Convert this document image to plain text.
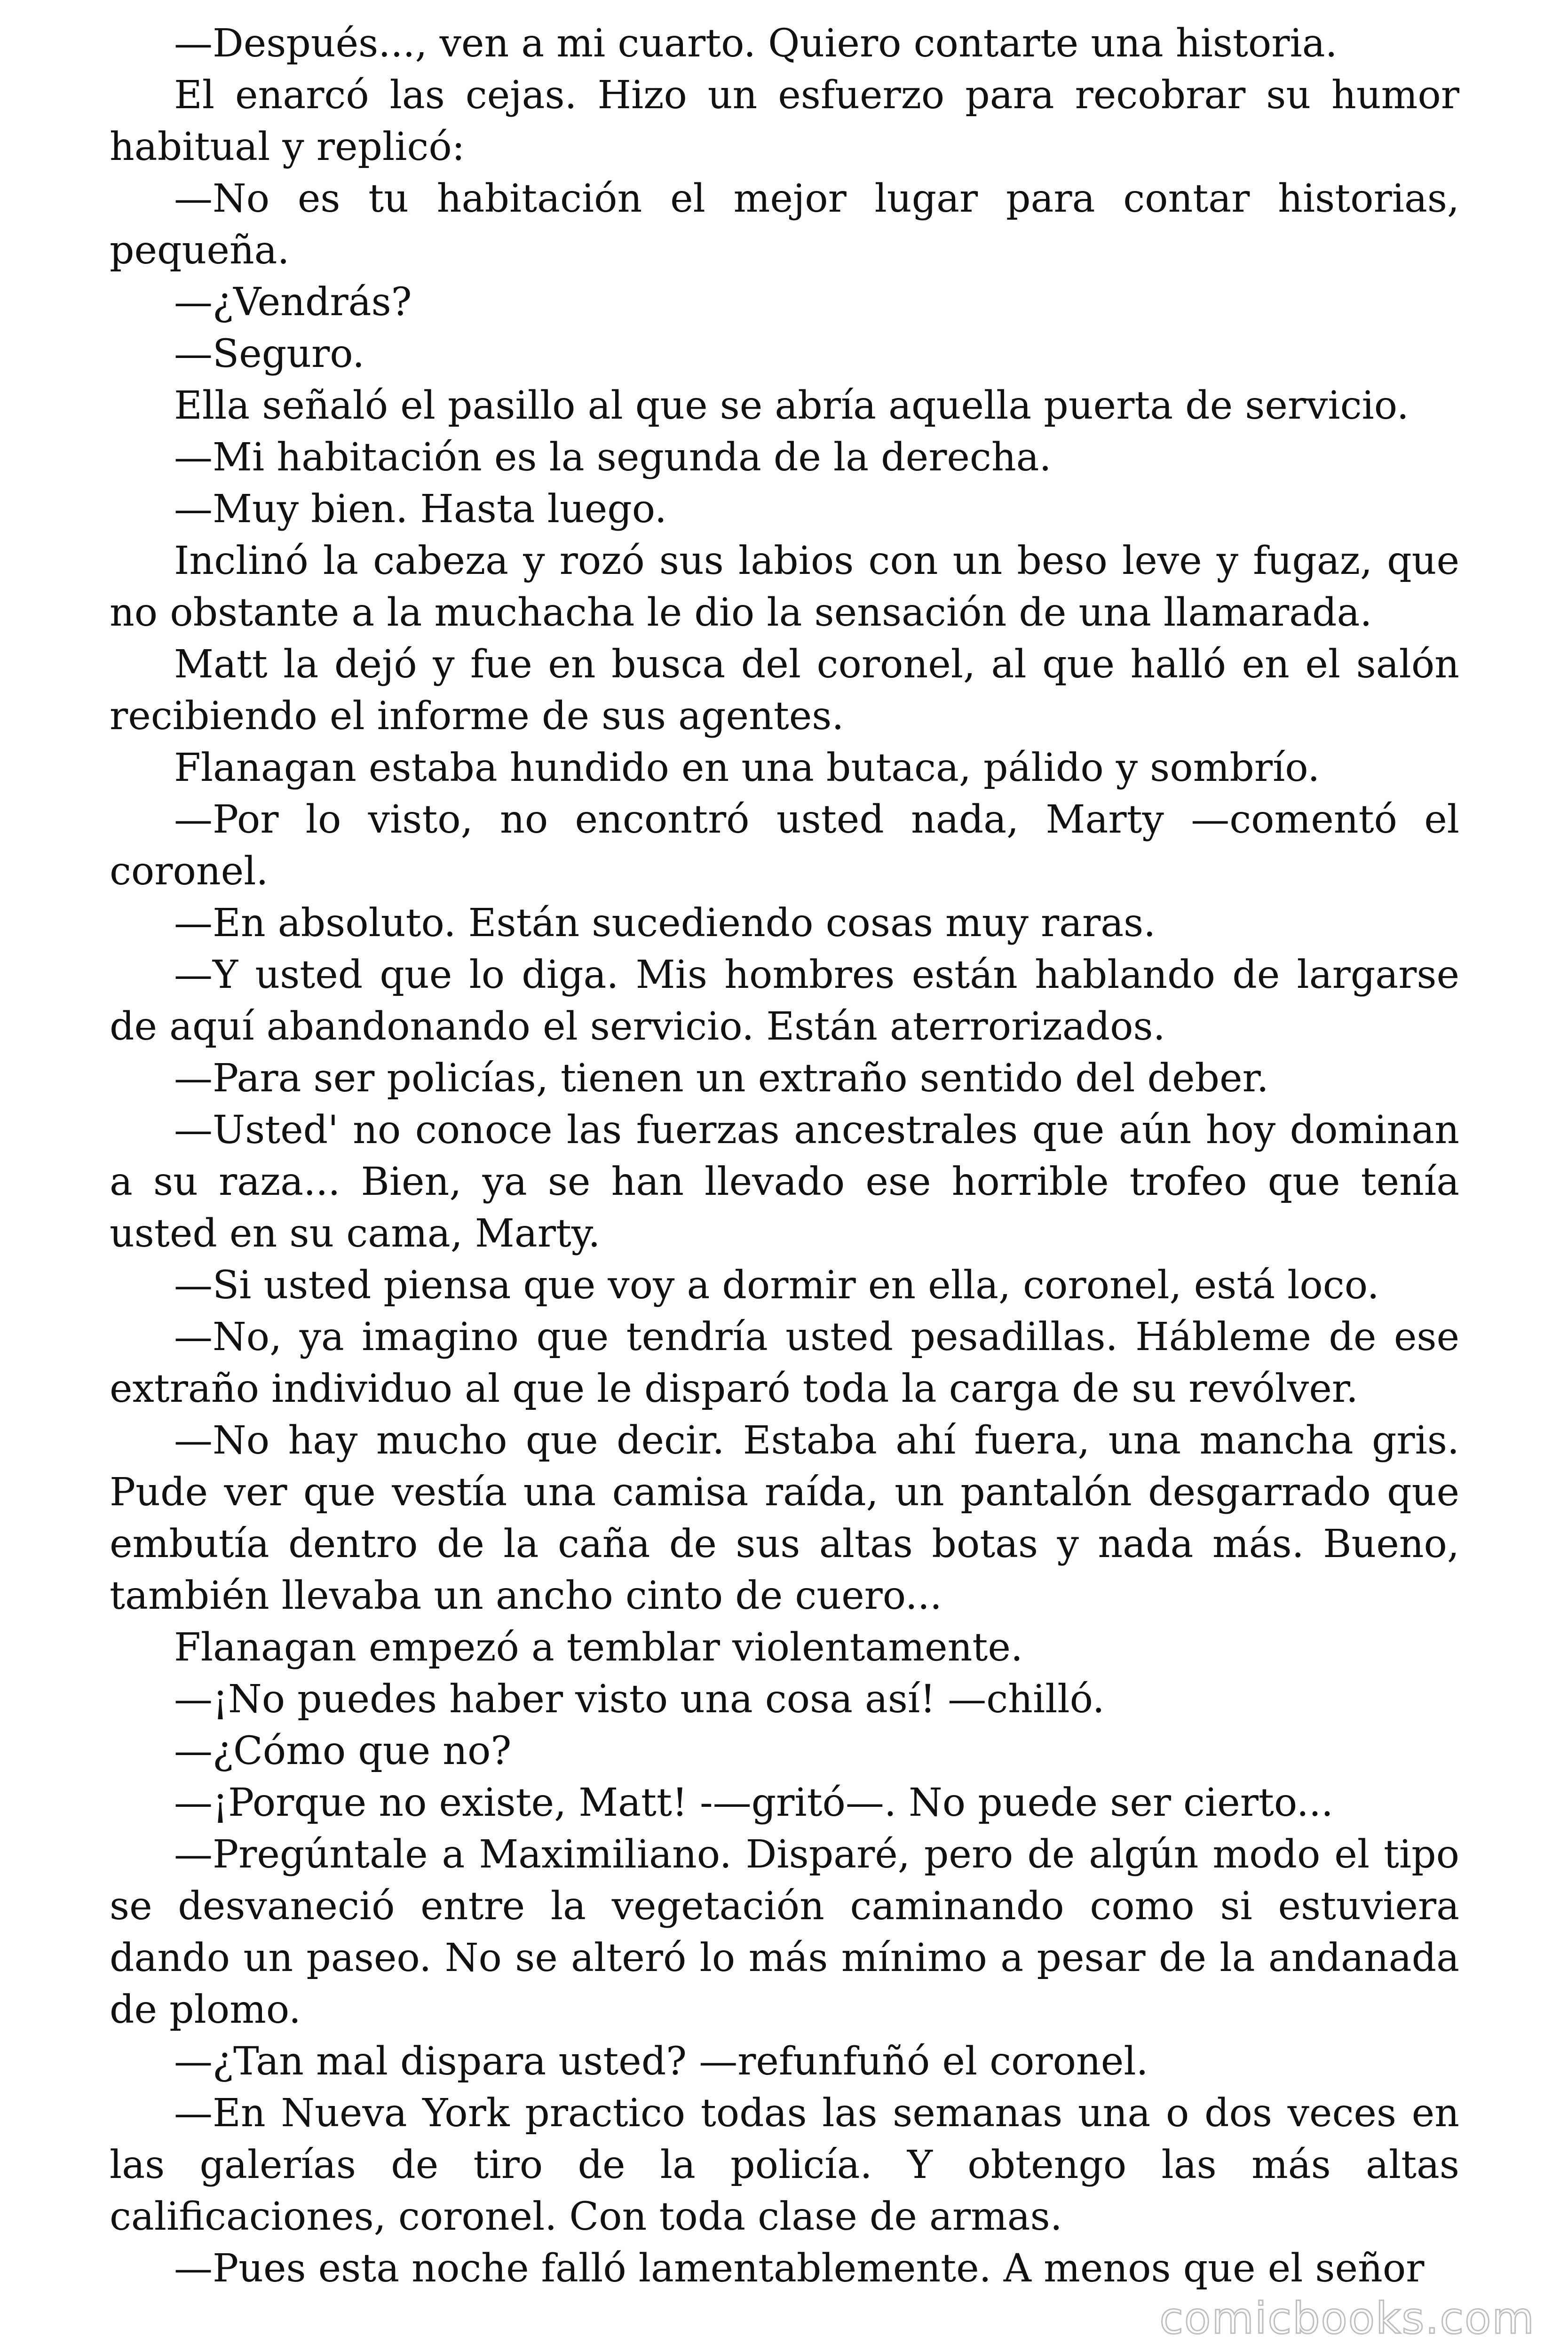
—Después..., ven a mi cuarto. Quiero contarte una historia.

El enarcó las cejas. Hizo un esfuerzo para recobrar su humor habitual y replicó:

—No es tu habitación el mejor lugar para contar historias, pequeña.

—¿Vendrás?

—Seguro.

Ella señaló el pasillo al que se abría aquella puerta de servicio.

—Mi habitación es la segunda de la derecha.

—Muy bien. Hasta luego.

Inclinó la cabeza y rozó sus labios con un beso leve y fugaz, que no obstante a la muchacha le dio la sensación de una llamarada.

Matt la dejó y fue en busca del coronel, al que halló en el salón recibiendo el informe de sus agentes.

Flanagan estaba hundido en una butaca, pálido y sombrío.

—Por lo visto, no encontró usted nada, Marty —comentó el coronel.

—En absoluto. Están sucediendo cosas muy raras.

—Y usted que lo diga. Mis hombres están hablando de largarse de aquí abandonando el servicio. Están aterrorizados.

—Para ser policías, tienen un extraño sentido del deber.

—Usted' no conoce las fuerzas ancestrales que aún hoy dominan a su raza... Bien, ya se han llevado ese horrible trofeo que tenía usted en su cama, Marty.

—Si usted piensa que voy a dormir en ella, coronel, está loco.

—No, ya imagino que tendría usted pesadillas. Hábleme de ese extraño individuo al que le disparó toda la carga de su revólver.

—No hay mucho que decir. Estaba ahí fuera, una mancha gris. Pude ver que vestía una camisa raída, un pantalón desgarrado que embutía dentro de la caña de sus altas botas y nada más. Bueno, también llevaba un ancho cinto de cuero...

Flanagan empezó a temblar violentamente.

—¡No puedes haber visto una cosa así! —chilló.

—¿Cómo que no?

—¡Porque no existe, Matt! -—gritó—. No puede ser cierto...

—Pregúntale a Maximiliano. Disparé, pero de algún modo el tipo se desvaneció entre la vegetación caminando como si estuviera dando un paseo. No se alteró lo más mínimo a pesar de la andanada de plomo.

—¿Tan mal dispara usted? —refunfuñó el coronel.

—En Nueva York practico todas las semanas una o dos veces en las galerías de tiro de la policía. Y obtengo las más altas calificaciones, coronel. Con toda clase de armas.

—Pues esta noche falló lamentablemente. A menos que el señor

comicbooks.com
